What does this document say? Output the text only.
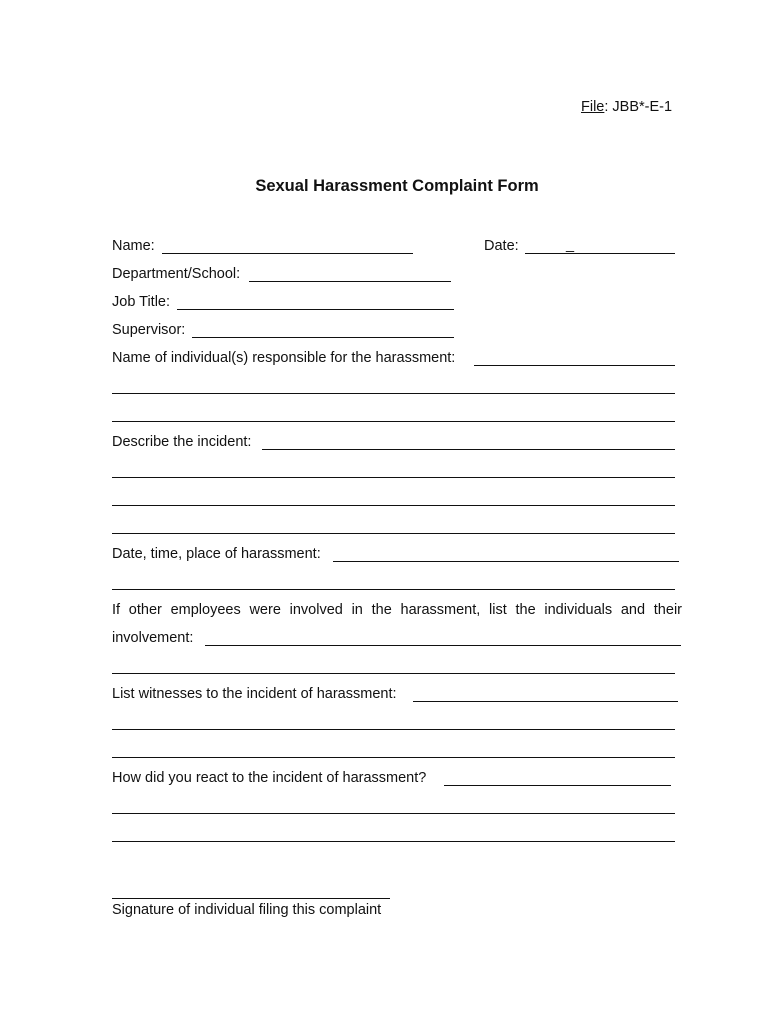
File: JBB*-E-1
Sexual Harassment Complaint Form
Name:	Date:	_
Department/School:
Job Title:
Supervisor:
Name of individual(s) responsible for the harassment:	__
Describe the incident:
Date, time, place of harassment:
If other employees were involved in the harassment, list the individuals and their
involvement:	_
List witnesses to the incident of harassment:	_
How did you react to the incident of harassment?
Signature of individual filing this complaint
